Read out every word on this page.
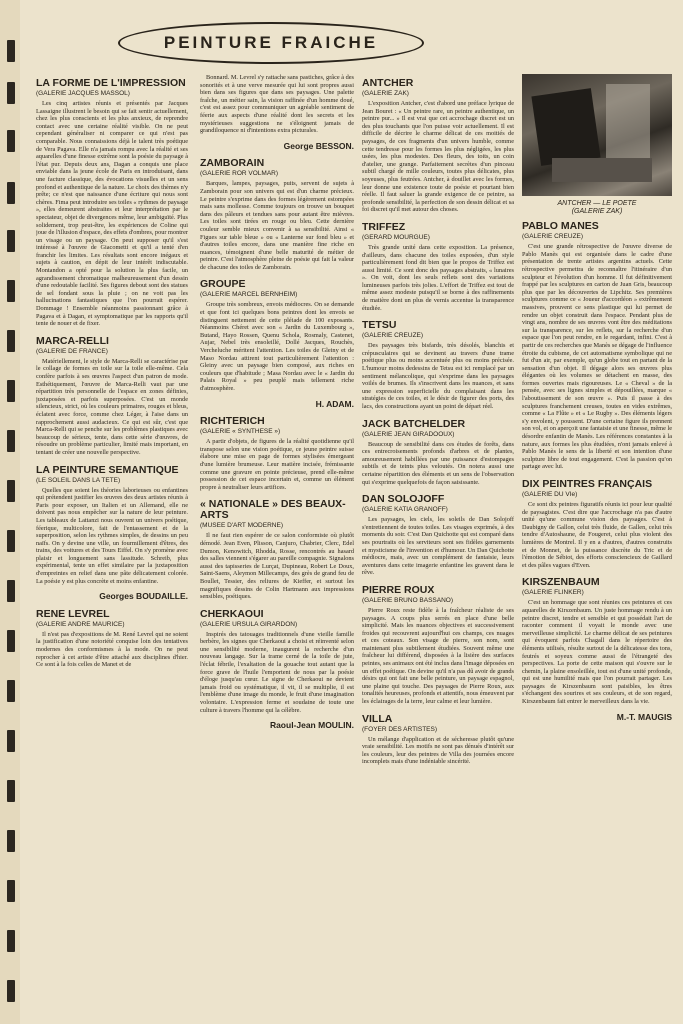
PEINTURE FRAICHE
LA FORME DE L'IMPRESSION
(GALERIE JACQUES MASSOL)
Les cinq artistes réunis et présentés par Jacques Lassaigne illustrent le besoin qui se fait sentir actuellement, chez les plus conscients et les plus anxieux, de reprendre contact avec une certaine réalité visible. On ne peut cependant généraliser ni comparer ce qui n'est pas comparable. Nous connaissions déjà le talent très poétique de Vera Pagava. Elle n'a jamais rompu avec la réalité et ses aquarelles d'une finesse extrême sont la poésie du paysage à l'état pur. Depuis deux ans, Dagan a conquis une place enviable dans la jeune école de Paris en introduisant, dans une facture classique, des évocations visuelles et un sens profond et authentique de la nature. Le choix des thèmes n'y prête; ce n'est que naissance d'une écriture qui nous sont chères. Fima peut introduire ses toiles « rythmes de paysage », elles demeurent abstraites et leur interprétation par le spectateur, objet de divergences même, leur ambiguïté. Plus solidement, trop peut-être, les expériences de Coline qui joue de l'illusion d'espace, des effets d'ombres, pour montrer un visage ou un paysage. On peut supposer qu'il s'est intéressé à l'œuvre de Giacometti et qu'il a tenté d'en franchir les limites. Les résultats sont encore inégaux et sujets à caution, en dépit de leur intérêt indiscutable. Montandon a opté pour la solution la plus facile, un agrandissement chromatique malheureusement d'un dessin d'une redoutable facilité. Ses figures debout sont des statues de sel fondant sous la pluie ; on ne voit pas les hallucinations fantastiques que l'on pourrait espérer. Dommage ! Ensemble néanmoins passionnant grâce à Pagava et à Dagan, et symptomatique par les rapports qu'il tente de nouer et de fixer.
MARCA-RELLI
(GALERIE DE FRANCE)
Matériellement, le style de Marca-Relli se caractérise par le collage de formes en toile sur la toile elle-même. Cela confère parfois à ses œuvres l'aspect d'un patron de mode. Esthétiquement, l'œuvre de Marca-Relli vaut par une répartition très personnelle de l'espace en zones définies, juxtaposées et parfois superposées. C'est un monde silencieux, strict, où les couleurs primaires, rouges et bleus, éclatent avec force, comme chez Léger, à l'aise dans un rapprochement aussi audacieux. Ce qui est sûr, c'est que Marca-Relli qui se penche sur les problèmes plastiques avec beaucoup de sérieux, tente, dans cette série d'œuvres, de résoudre un problème particulier, limité mais important, en tentant de créer une nouvelle perspective.
LA PEINTURE SEMANTIQUE
(LE SOLEIL DANS LA TETE)
Quelles que soient les théories laborieuses ou enfantines qui prétendent justifier les œuvres des deux artistes réunis à Paris pour exposer, un Italien et un Allemand, elle ne doivent pas nous empêcher sur la nature de leur peinture. Les tableaux de Lattanzi nous ouvrent un univers poétique, féerique, multicolore, fait de l'entassement et de la superposition, selon les rythmes simples, de dessins un peu naïfs. On y devine une ville, un fourmillement d'êtres, des trains, des voitures et des Tours Eiffel. On s'y promène avec plaisir et longuement sans lassitude. Schreib, plus expérimental, tente un effet similaire par la juxtaposition d'empreintes en relief dans une pâte délicatement colorée. La poésie y est plus concrète et moins enfantine.
Georges BOUDAILLE.
RENE LEVREL
(GALERIE ANDRE MAURICE)
Il n'est pas d'expositions de M. René Levrel qui ne soient la justification d'une notoriété conquise loin des tentatives modernes des conformismes à la mode. On ne peut reprocher à cet artiste d'être attaché aux disciplines d'hier. Ce sont à la fois celles de Manet et de
Bonnard. M. Levrel s'y rattache sans pastiches, grâce à des sonorités et à une verve mesurée qui lui sont propres aussi bien dans ses figures que dans ses paysages. Une palette fraîche, un métier sain, la vision raffinée d'un homme doué, c'est est assez pour communiquer un agréable sentiment de féerie aux aspects d'une réalité dont les secrets et les mystérieuses suggestions ne s'éloignent jamais de grandiloquence ni d'intentions extra picturales.
George BESSON.
ZAMBORAIN
(GALERIE ROR VOLMAR)
Barques, lampes, paysages, puits, servent de sujets à Zamborain pour son univers qui est d'un charme précieux. Le peintre s'exprime dans des formes légèrement estompées mais sans mollesse. Comme toujours on trouve un bouquet dans des pâleurs et tendues sans pour autant être mièvres. Les toiles sont tirées en rouge ou bleu. Cette dernière couleur semble mieux convenir à sa sensibilité. Ainsi « Figues sur table bleue » ou « Lanterne sur fond bleu » et d'autres toiles encore, dans une manière fine riche en nuances, témoignent d'une belle maturité de métier de peintre. C'est l'atmosphère pleine de poésie qui fait la valeur de chacune des toiles de Zamborain.
GROUPE
(GALERIE MARCEL BERNHEIM)
Groupe très sombreux, envois médiocres. On se demande et que font ici quelques bons peintres dont les envois se distinguent nettement de cette pléiade de 100 exposants. Néanmoins Chéret avec son « Jardin du Luxembourg », Butand, Hayo Rossen, Quenu Schola, Rosmaly, Castenet, Aujar, Nebel très ensoleillé, Dollé Jacques, Rouchès, Vercheluche méritent l'attention. Les toiles de Gleiny et de Maso Nordau attirent tout particulièrement l'attention : Gleiny avec un paysage bien composé, aux riches en couleurs que d'habitude ; Masa Nordau avec le « Jardin du Palais Royal » peu peuplé mais tellement riche d'atmosphère.
H. ADAM.
RICHTERICH
(GALERIE « SYNTHESE »)
A partir d'objets, de figures de la réalité quotidienne qu'il transpose selon une vision poétique, ce jeune peintre suisse élabore une mise en page de formes stylisées émergeant d'une lumière brumeuse. Leur matière incisée, frémissante comme une gravure en pointe précieuse, prend elle-même possession de cet espace incertain et, comme un élément propre à neutraliser leurs artifices.
« NATIONALE » DES BEAUX-ARTS
(MUSEE D'ART MODERNE)
Il ne faut rien espérer de ce salon conformiste où plutôt démodé. Jean Even, Plisson, Canjuro, Chabrier, Clerc, Edel Dumon, Kenowitch, Rhodda, Rosse, rencontrés au hasard des salles viennent s'égarer au pareille compagnie. Signalons aussi des tapisseries de Lurçat, Dupineau, Robert Le Doux, Saint-Saens, Aleymon Millecamps, des grès de grand feu de Boullet, Tessier, des reliures de Kieffer, et surtout les magnifiques dessins de Colin Hartmann aux impressions sensibles, poétiques.
CHERKAOUI
(GALERIE URSULA GIRARDON)
Inspirés des tatouages traditionnels d'une vieille famille berbère, les signes que Cherkaoui a choisi et réinventé selon une sensibilité moderne, inaugurent la recherche d'un nouveau langage. Sur la trame cerné de la toile de jute, l'éclat fébrile, l'exaltation de la gouache tout autant que la force grave de l'huile l'emportent de nous par la poésie d'éloge jusqu'au cœur. Le signe de Cherkaoui ne devient jamais froid ou systématique, il vit, il se multiplie, il est l'emblème d'une image du monde, le fruit d'une imagination volontaire. L'expression ferme et soudaine de toute une culture à travers l'homme qui la célèbre.
Raoul-Jean MOULIN.
ANTCHER
(GALERIE ZAK)
L'exposition Antcher, c'est d'abord une préface lyrique de Jean Bouret : « Un peintre rare, un peintre authentique, un peintre pur... » Il est vrai que cet accrochage discret est un des plus touchants que l'on puisse voir actuellement. Il est difficile de décrire le charme délicat de ces moitiés de paysages, de ces fragments d'un univers humble, comme cette tendresse pour les formes les plus négligées, les plus usées, les plus modestes. Des fleurs, des toits, un coin d'atelier, une grange. Parfaitement secrètes d'un pinceau subtil chargé de mille couleurs, toutes plus délicates, plus soyeuses, plus feutrées. Antcher, à douillet avec les formes, leur donne une existence toute de poésie et pourtant bien réelle. Il faut saluer la grande exigence de ce peintre, sa profonde sensibilité, la perfection de son dessin délicat et sa foi discret qu'il met autour des choses.
TRIFFEZ
(GERARD MOURGUE)
Très grande unité dans cette exposition. La présence, d'ailleurs, dans chacune des toiles exposées, d'un style particulièrement fond dit bien que le propos de Triffez est aussi limité. Ce sont donc des paysages abstraits, « lunaires ». On voit, dont les seuls reflets sont des variations lumineuses parfois très jolies. L'effort de Triffez est tout de même assez modeste puisqu'il se borne à des raffinements de matière dont un plus de vernis accentue la transparence étudiée.
TETSU
(GALERIE CREUZE)
Des paysages très bisfards, très désolés, blanchis et crépusculaires qui se devinent au travers d'une trame poétique plus ou moins accentuée plus ou moins précisée. L'humour moins dedessins de Tetsu est ici remplacé par un sentiment mélancolique, qui s'exprime dans les paysages voilés de brumes. Ils s'inscrivent dans les nuances, et sans une expression superficielle du complaisant dans les stratégies de ces toiles, et le désir de figurer des ports, des lacs, des constructions ayant un point de départ réel.
JACK BATCHELDER
(GALERIE JEAN GIRADOOUX)
Beaucoup de sensibilité dans ces études de forêts, dans ces entrecroisements profonds d'arbres et de plantes, amoureusement habillées par une puissance d'estompages subtils et de teints plus veloutés. On notera aussi une certaine répartition des éléments et un sens de l'observation qui s'exprime quelquefois de façon saisissante.
DAN SOLOJOFF
(GALERIE KATIA GRANOFF)
Les paysages, les ciels, les soleils de Dan Solojoff s'entretiennent de toutes toiles. Les visages exprimés, à des moments du soir. C'est Dan Quichotte qui est comparé dans ses pourtraits où les serviteurs sont ses fidèles garnements et mysticisme de l'invention et d'humour. Un Dan Quichotte médiocre, mais, avec un complément de fantaisie, leurs aventures dans cette imagerie enfantine les gravent dans le rêve.
PIERRE ROUX
(GALERIE BRUNO BASSANO)
Pierre Roux reste fidèle à la fraîcheur réaliste de ses paysages. A coups plus serrés en place d'une belle simplicité. Mais les nuances objectives et successivement froides qui recouvrent aujourd'hui ces champs, ces nuages et ces coteaux. Son visage de pierre, son nom, sont maintenant plus subtilement étudiées. Souvent même une fraîcheur lui différend, disposées à la lisière des surfaces peintes, ses animaux ont été inclus dans l'image déposées en un effet poétique. On devine qu'il n'a pas dû avoir de grands désirs qui ont fait une belle peinture, un paysage espagnol, une plaine qui touche. Des paysages de Pierre Roux, aux tonalités heureuses, profonds et attentifs, nous émeuvent par les éclairages de la terre, leur calme et leur lumière.
VILLA
(FOYER DES ARTISTES)
Un mélange d'application et de sécheresse plutôt qu'une vraie sensibilité. Les motifs ne sont pas dénués d'intérêt sur les couleurs, leur des peintres de Villa des journées encore incomplets mais d'une indéniable sincérité.
ANTCHER — LE POETE
(GALERIE ZAK)
PABLO MANES
(GALERIE CREUZE)
C'est une grande rétrospective de l'œuvre diverse de Pablo Manès qui est organisée dans le cadre d'une présentation de trente artistes argentins actuels. Cette rétrospective permettra de reconnaître l'itinéraire d'un sculpteur et l'évolution d'un homme. Il fut définitivement frappé par les sculptures en carton de Juan Gris, beaucoup plus que par les découvertes de Lipchitz. Ses premières sculptures comme ce « Joueur d'accordéon » extrêmement massives, prouvent ce sens plastique qui lui permet de rendre un objet construit dans l'espace. Pendant plus de vingt ans, nombre de ses œuvres vont être des méditations sur la transparence, sur les reflets, sur la recherche d'un espace que l'on peut rendre, en le regardant, infini. C'est à partir de ces recherches que Manès se dégage de l'influence étroite du cubisme, de cet automatisme symbolique qui ne fut d'un air, par exemple, qu'un globe tout en partant de la sensation d'un objet. Il dégage alors ses œuvres plus élégantes où les volumes se détachent en masse, des formes ouvertes mais rigoureuses. Le « Cheval » de la pensée, avec ses lignes simples et dépouillées, marque « l'aboutissement de son œuvre ». Puis il passe à des sculptures franchement creuses, toutes en vides extrêmes, comme « La Flûte » et « Le Rugby ». Des éléments légers s'y envolent, y poussent. D'une certaine figure ils prennent son vol, et on aperçoit une fantaisie et une finesse, même le désordre enfantin de Manès. Les références constantes à la nature, aux formes les plus étudiées, n'ont jamais enlevé à Pablo Manès le sens de la liberté et son intention d'une sculpture libre de tout engagement. C'est la passion qu'on partage avec lui.
DIX PEINTRES FRANÇAIS
(GALERIE DU VIe)
Ce sont dix peintres figuratifs réunis ici pour leur qualité de paysagistes. C'est dire que l'accrochage n'a pas d'autre unité qu'une commune vision des paysages. C'est à Daubigny de Gallon, celui très fluide, de Gallen, celui très tendre d'Autoshaune, de Fougeret, celui plus violent des lumières de Montrel. Il y en a d'autres, d'autres construits et de Monnet, de la puissance discrète du Tric et de l'émotion de Sébiot, des efforts consciencieux de Gaillard et des pâles vagues d'Even.
KIRSZENBAUM
(GALERIE FLINKER)
C'est un hommage que sont réunies ces peintures et ces aquarelles de Kirszenbaum. Un juste hommage rendu à un peintre discret, tendre et sensible et qui possédait l'art de raconter comment il voyait le monde avec une merveilleuse simplicité. Le charme délicat de ses peintures qui évoquent parfois Chagall dans le répertoire des éléments utilisés, résulte surtout de la délicatesse des tons, feutrés et soyeux comme aussi de l'étrangeté des perspectives. La porte de cette maison qui s'ouvre sur le chemin, la plaine ensoleillée, tout est d'une unité profonde, qui est une humilité mais que l'on pourrait partager. Les paysages de Kirszenbaum sont paisibles, les êtres s'échangent des sourires et ses couleurs, et de son regard, Kirszenbaum fait entrer le merveilleux dans la vie.
M.-T. MAUGIS
